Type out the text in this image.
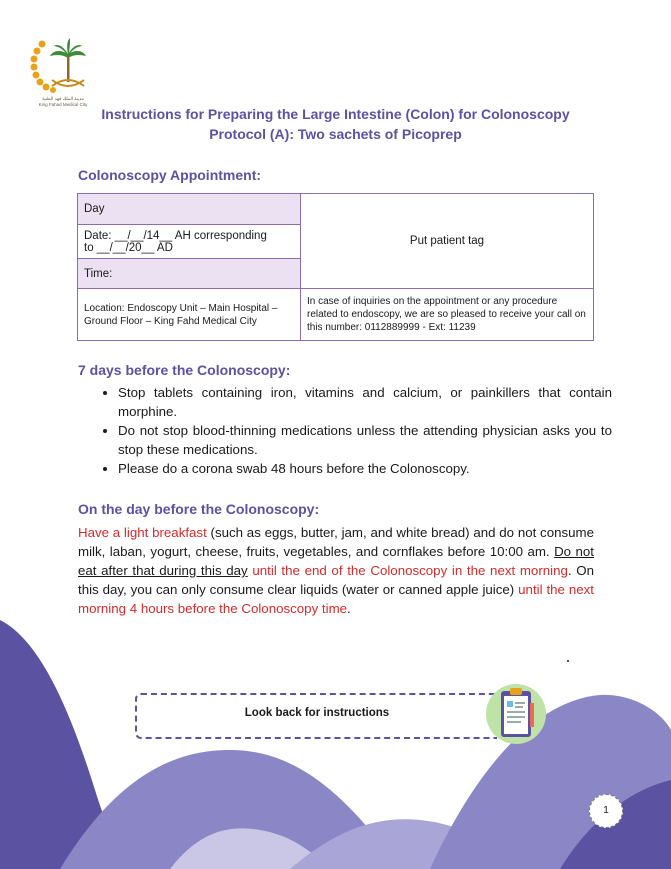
مدينة الملك فهد الطبية
King Fahad Medical City
Instructions for Preparing the Large Intestine (Colon) for Colonoscopy
Protocol (A): Two sachets of Picoprep
Colonoscopy Appointment:
Day	Put patient tag

Date: __/__/14__ AH corresponding
to __/__/20__ AD	

Time:	
Location: Endoscopy Unit – Main Hospital – Ground Floor – King Fahd Medical City	In case of inquiries on the appointment or any procedure related to endoscopy, we are so pleased to receive your call on this number: 0112889999 - Ext: 11239
7 days before the Colonoscopy:
• Stop tablets containing iron, vitamins and calcium, or painkillers that contain morphine.
• Do not stop blood-thinning medications unless the attending physician asks you to stop these medications.
• Please do a corona swab 48 hours before the Colonoscopy.
On the day before the Colonoscopy:

Have a light breakfast (such as eggs, butter, jam, and white bread) and do not consume milk, laban, yogurt, cheese, fruits, vegetables, and cornflakes before 10:00 am. Do not eat after that during this day until the end of the Colonoscopy in the next morning. On this day, you can only consume clear liquids (water or canned apple juice) until the next morning 4 hours before the Colonoscopy time.

Look back for instructions
1
